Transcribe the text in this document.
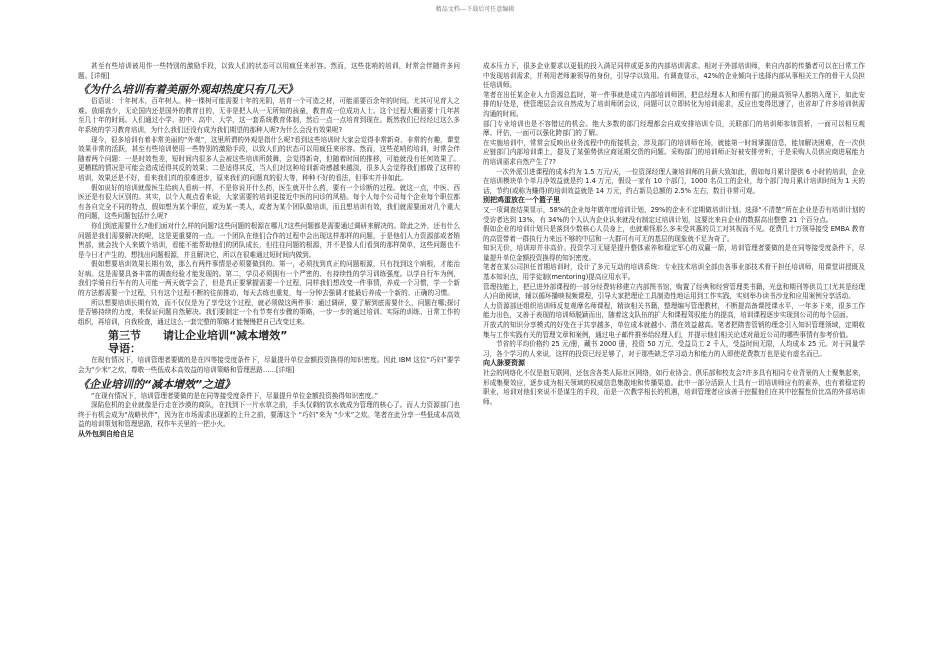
精品文档---下载后可任意编辑

甚至有些培训被用作一些特别的激励手段，以致人们的状态可以用疯狂来形容。然而，这些花哨的培训，时常会伴随许多问题。[详细]

《为什么培训有着美丽外观却热度只有几天》

俗语说：十年树木，百年树人。种一棵树可能需要十年的光阴，培育一个可造之材，可能需要百余年的时间。尤其可见育人之难。放眼我少，无论国内还是国外的教育目的，无非是把人从一无所知的孩童，教育成一位成功人士。这个过程大概需要十几年甚至几十年的时间。人们通过小学、初中、高中、大学，这一套系统教育体制，然后一点一点培育到现在。既然我们已经经过这么多年系统的学习教育培训，为什么我们还没有成为我们期望的那种人呢?为什么会没有效果呢?

现今，很多培训有着非常美丽的“外观”，这里所谓的外观是指什么呢?看到这些培训时大家会觉得非常新奇、非常的有趣，课堂效果非常的活跃，甚至有些培训使用一些特别的激励手段，以致人们的状态可以用疯狂来形容。然而，这些花哨的培训，时常会伴随着两个问题：一是时效性差，短时间内很多人会被这些培训所鼓舞，会觉得新奇，但随着时间的推移，可能就没有任何效果了。更糟糕的情况是可能会造成适得其反的效果；二是适得其反，当人们对这种培训新奇感越来越淡，很多人会觉得我们都做了这样的培训，效果还是不好，看来我们真的很难进步，原来我们的问题真的很大等，种种不好的看法，但事实并非如此。

假如说好的培训就像医生给病人看病一样，不是你说开什么药，医生就开什么药，要有一个诊断的过程。就这一点，中医、西医还是有很大区别的。其实，以个人观点看来说，大家需要的培训更接近中医的问诊的风格。每个人每个公司每个企业每个职位都有各自完全不同的特点，假如想为某个职位，或为某一类人，或者为某个团队做培训，而且想培训有效，我们就需要面对几个重大的问题，这些问题包括什么呢?

你们到底需要什么?他们面对什么样的问题?这些问题的根源在哪儿?这些问题都是需要通过调研来解决的。除此之外，还有什么问题是我们需要解决的呢，这是更重要的一点。一个团队在他们合作的过程中会出现这样那样的问题，于是他们人力资源部或者销售部，就会找个人来做个培训，看能不能帮助他们的团队成长，但往往问题的根源，并不是像人们看到的那样简单，这些问题也不是今日才产生的，想找出问题根源，并且解决它，所以在很难通过短时间内做到。

假如想要培训效果长期有效，那么有两件事情是必须要做到的。第一，必须找到真正的问题根源，只有找到这个病根，才能治好病。这是需要具备丰富的调查经验才能发现的。第二，学员必须拥有一个严密的、有持续性的学习训练强度。以学自行车为例，我们学骑自行车有的人可能一两天就学会了，但是真正要掌握需要一个过程，同样我们想改变一件事情，养成一个习惯，学一个新的方法都需要一个过程，只有这个过程不断的往前推动，每天去练也重复，每一分钟去强调才能最后养成一个新的、正确的习惯。

所以想要培训长期有效，而不仅仅是为了享受这个过程，就必须做这两件事：通过调研，要了解到底需要什么，问题在哪;探讨是否够持续的力度，来保证问题自然解决。我们要制定一个有节奏有步骤的策略，一步一步的通过培训、实际的训练、日常工作的组织，再培训，自我检查，通过这么一套完整的策略才能慢慢把自己改变过来。

第三节 请让企业培训“减本增效”
导语：

在现有情况下，培训管理者要做的是在四等接受度条件下，尽量提升单位金额投资换得的知识密度。因此 IBM 这位“巧妇”要学会为“少米”之炊，尊敬一些低成本高效益的培训策略和管理思路……[详细]

《企业培训的“减本增效”之道》

“在现有情况下，培训管理者要做的是在同等接受度条件下，尽量提升单位金额投资换得知识密度。”

深陷危机的企业就像是行走在沙漠的商队，在找到下一片水草之前，手头仅剩的饮水就成为管理的核心了。而人力资源部门也终于有机会成为“战略伙伴”，因为在市场需求出现新的上升之前，要薄这个 “巧妇”来为 “少米”之炊。笔者在此分享一些低成本高效益的培训策划和管理思路，权作车关里的一把小火。

从外包到自给自足

成本压力下，很多企业要求以更低的投入满足同样或更多的内部培训需求。相对于外部培训师，来自内部的传播者可以在日常工作中发现培训需求，并利用老师兼领导的身份，引导学以致用。有调查显示，42%的企业倾向于选择内部从事相关工作的骨干人员担任培训师。

笔者在出任某企业人力资源总监时，第一件事就是成立内部培训师团，把总经理本人和所有部门的最高领导人都纳入麾下，如此安排的好处是，使管理层会议自然成为了培训师团会议，问题可以立即转化为培训需求，反应也变得迅速了，也省却了许多培训供需沟通的时间。

部门专业培训也是不容错过的机会。绝大多数的部门经理都会自成安排培训专员，关联部门的培训师参加资析，一面可以相互观摩、评估，一面可以强化跨部门的了解。

在实施培训中，常常会反映出业务流程中的衔接机会，涉及部门的培训师在场，就能第一时间掌握信息，能加解决困难，在一次供应链部门内部培训课上，提及了某强势供应商延期交货的问题。采购部门的培训师正好被安排旁听，于是采购人员供应商进展能力的培训需求自然产生了??

一次外派引进课程的成本约为 1.5 万元/天，一位资深经理人兼培训师的月薪大致如此，假如每月累计提供 6 小时的培训，企业在培训模块单个单月净效益就是约 1.4 万元，假设一家有 10 个部门，1000 名员工的企业，每个部门每月累计培训时间为 1 天的话，节约(或称为赚得)的培训效益就是 14 万元，约占新员总额的 2.5% 左右，数目非常可观。

别把鸡蛋放在一个篮子里

又一项调查结果显示，58%的企业每年做年度培训计划，29%的企业不定期做培训计划。选择“不清楚”所在企业是否有培训计划的受访者达到 13%，有 34%的个人认为企业认来就没有制定过培训计划，这要比来自企业的数据高出整整 21 个百分点。

假如企业的培训计划只是落到少数核心人员身上，也就难怪那么多未受其惠的员工对其视而不见。花费几十万领导接受 EMBA 教育的高管带着一群执行力来远不够的中层和一大群可有可无的基层的现象就不足为奇了。

知识无价，培训却并非高价。投资学习无疑是提升整体素养和稳定军心的双赢一箭，培训管理者要做的是在同等接受度条件下，尽量提升单位金额投资换得的知识密度。

笔者在某公司担任首期培训时，设计了多元互动的培训系统：专业技术培训全部由各事业部技术骨干担任培训师，用课堂讲授既及基本知识点，用学徒制(mentoring)提高应用水平。

管理技能上，把已进外部课程的一部分经费转移建立内部图书馆，购置了经典和经营管理类书籍，光盘和期刊等供员工(尤其是经理人)自助阅读，辅以循环播映视频课程，引导大家把理论工具制造性地运用到工作实践，实则举办读书沙龙和应用案例分享活动。

人力资源部还组织培训师反复观摩名师课程，精读相关书籍，整理编写管理教材，不断提高备课授课水平，一年多下来，很多工作能力出色，又善于表现的培训师脱颖而出，随着这支队伍的扩大和课程驾驭能力的提高，培训课程逐步实现到公司的每个层面。

开放式的知识分享模式的好处在于共享越多，单位成本就越小、潜在效益越高。笔者把隋巻管销的理念引入知识管理领域，定期收集与工作实践有关的管理文章和案例，通过电子邮件推举给经理人们，并提示他们相关论述对最近公司的哪些事情有参考价值。

节省的平均价格约 25 元/册，藏书 2000 册，投资 50 万元，受益员工 2 千人，受益时间无限，人均成本 25 元。对于同量学习，各个学习的人来说，这样的投资已经足够了，对于那些缺乏学习动力和能力的人即使花费数万也是徒有虚名而已。

向人脉要资源

社会的网络化不仅是抱互联网，还包含各类人际社区网络，如行业协会、俱乐部和校友会?许多具有相同专业背景的人士聚集起来，形成集聚效应，逐步成为相关领域的权威信息集散地和传播渠道。此中一部分活跃人士具有一切培训师应有的素养，也有着稳定的职业，培训对他们来说不是谋生的手段，而是一次教学相长的机遇，培训管理者应该善于挖掘他们在其中挖掘性价比高的外部培训师。
